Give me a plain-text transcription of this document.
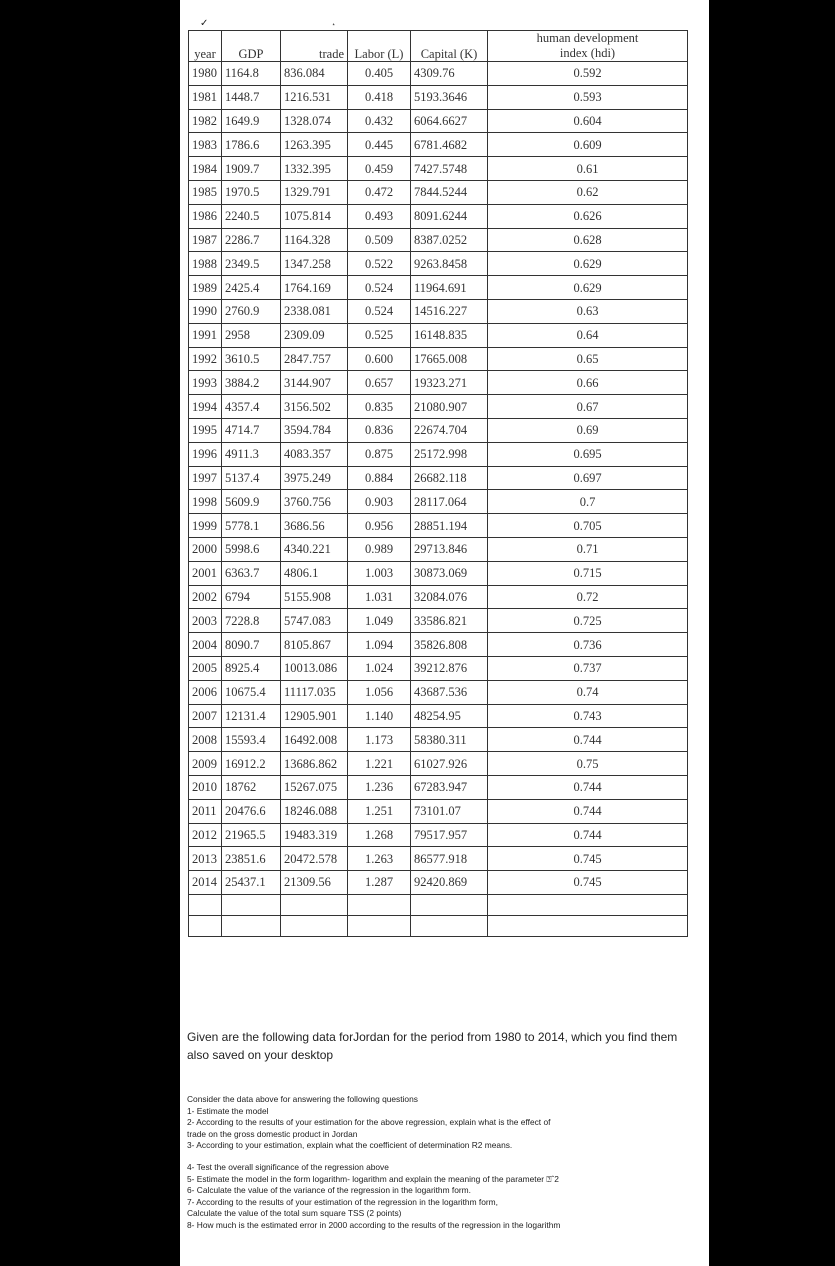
✓	˔
year	GDP	trade	Labor (L)	Capital (K)	human development
index (hdi)
1980	1164.8	836.084	0.405	4309.76	0.592
1981	1448.7	1216.531	0.418	5193.3646	0.593
1982	1649.9	1328.074	0.432	6064.6627	0.604
1983	1786.6	1263.395	0.445	6781.4682	0.609
1984	1909.7	1332.395	0.459	7427.5748	0.61
1985	1970.5	1329.791	0.472	7844.5244	0.62
1986	2240.5	1075.814	0.493	8091.6244	0.626
1987	2286.7	1164.328	0.509	8387.0252	0.628
1988	2349.5	1347.258	0.522	9263.8458	0.629
1989	2425.4	1764.169	0.524	11964.691	0.629
1990	2760.9	2338.081	0.524	14516.227	0.63
1991	2958	2309.09	0.525	16148.835	0.64
1992	3610.5	2847.757	0.600	17665.008	0.65
1993	3884.2	3144.907	0.657	19323.271	0.66
1994	4357.4	3156.502	0.835	21080.907	0.67
1995	4714.7	3594.784	0.836	22674.704	0.69
1996	4911.3	4083.357	0.875	25172.998	0.695
1997	5137.4	3975.249	0.884	26682.118	0.697
1998	5609.9	3760.756	0.903	28117.064	0.7
1999	5778.1	3686.56	0.956	28851.194	0.705
2000	5998.6	4340.221	0.989	29713.846	0.71
2001	6363.7	4806.1	1.003	30873.069	0.715
2002	6794	5155.908	1.031	32084.076	0.72
2003	7228.8	5747.083	1.049	33586.821	0.725
2004	8090.7	8105.867	1.094	35826.808	0.736
2005	8925.4	10013.086	1.024	39212.876	0.737
2006	10675.4	11117.035	1.056	43687.536	0.74
2007	12131.4	12905.901	1.140	48254.95	0.743
2008	15593.4	16492.008	1.173	58380.311	0.744
2009	16912.2	13686.862	1.221	61027.926	0.75
2010	18762	15267.075	1.236	67283.947	0.744
2011	20476.6	18246.088	1.251	73101.07	0.744
2012	21965.5	19483.319	1.268	79517.957	0.744
2013	23851.6	20472.578	1.263	86577.918	0.745
2014	25437.1	21309.56	1.287	92420.869	0.745

Given are the following data forJordan for the period from 1980 to 2014, which you find them also saved on your desktop
Consider the data above for answering the following questions
1- Estimate the model
2- According to the results of your estimation for the above regression, explain what is the effect of
trade on the gross domestic product in Jordan
3- According to your estimation, explain what the coefficient of determination R2 means.
4- Test the overall significance of the regression above
5- Estimate the model in the form logarithm- logarithm and explain the meaning of the parameter ⍰ˆ2
6- Calculate the value of the variance of the regression in the logarithm form.
7- According to the results of your estimation of the regression in the logarithm form,
Calculate the value of the total sum square TSS (2 points)
8- How much is the estimated error in 2000 according to the results of the regression in the logarithm
